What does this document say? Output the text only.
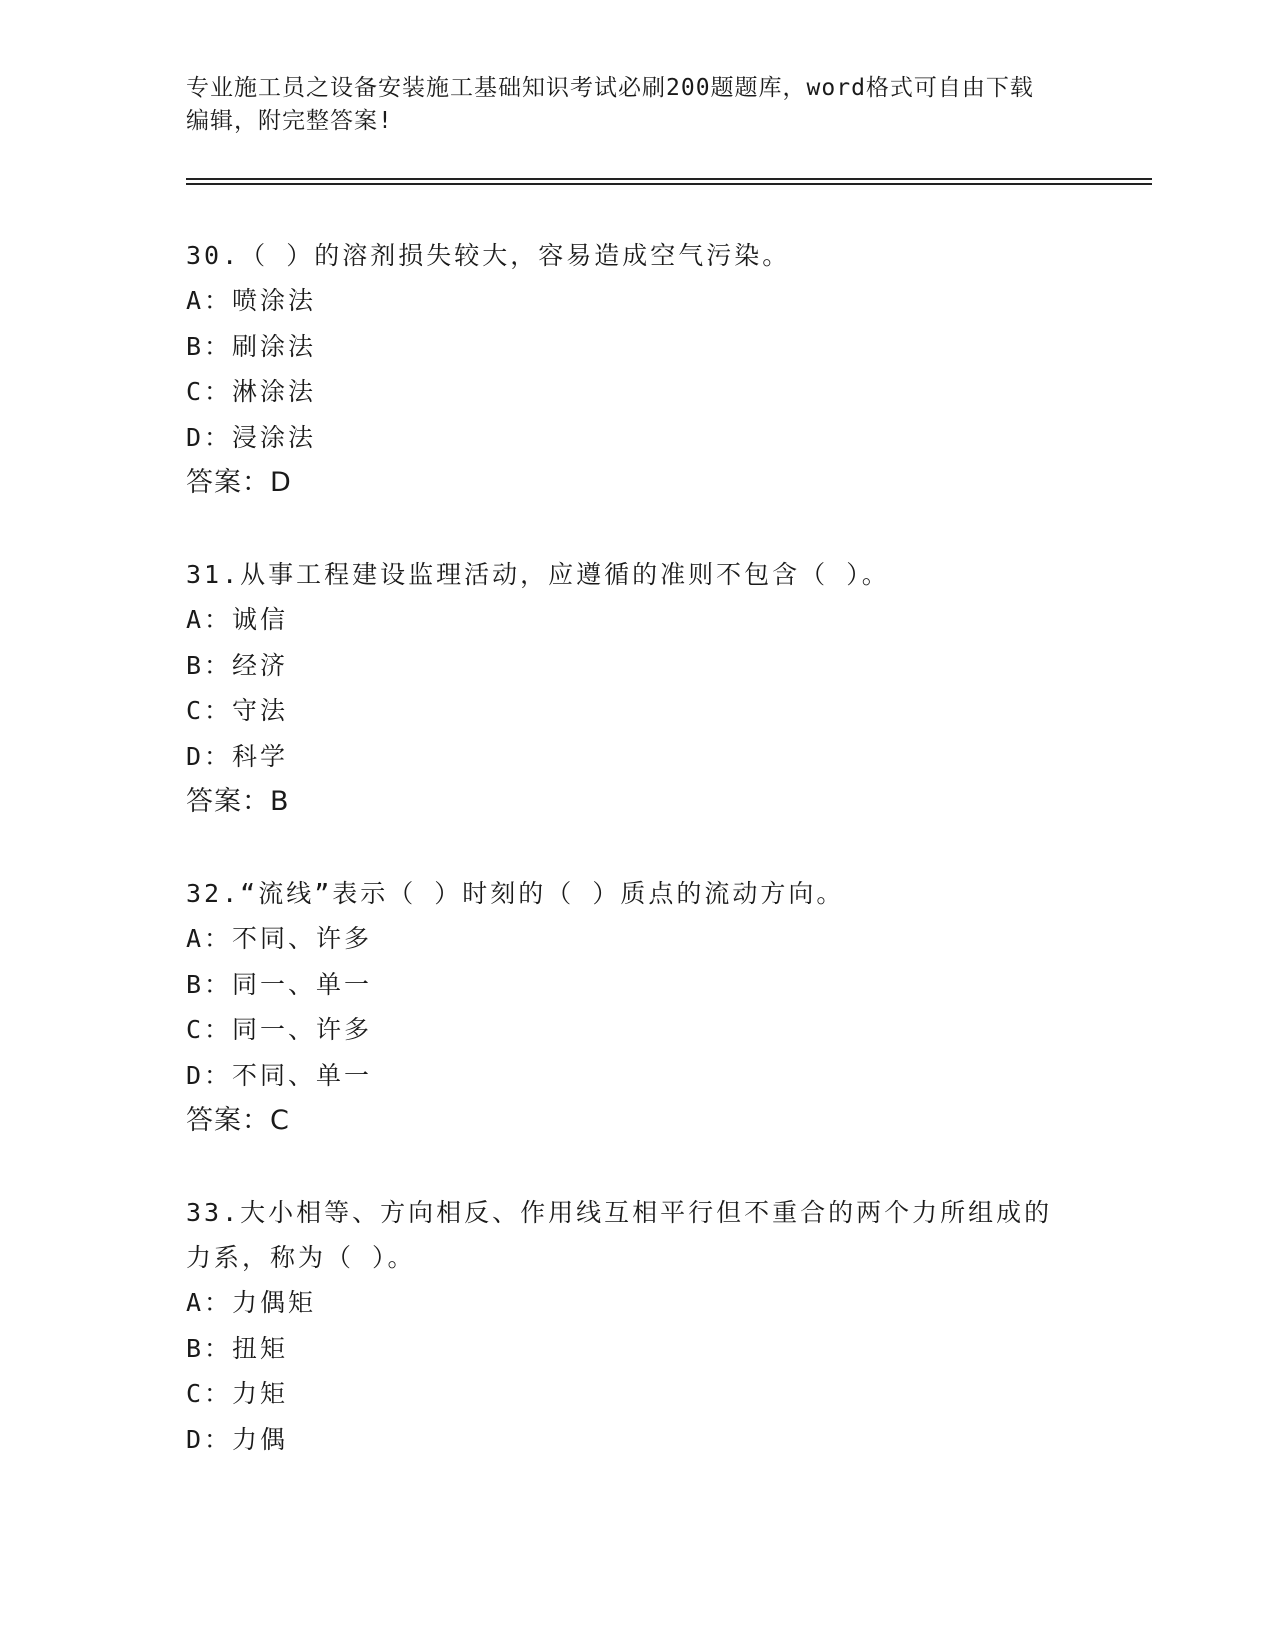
专业施工员之设备安装施工基础知识考试必刷200题题库，word格式可自由下载
编辑，附完整答案!
30.（ ）的溶剂损失较大，容易造成空气污染。
A：喷涂法
B：刷涂法
C：淋涂法
D：浸涂法
答案：D
31.从事工程建设监理活动，应遵循的准则不包含（ ）。
A：诚信
B：经济
C：守法
D：科学
答案：B
32.“流线”表示（ ）时刻的（ ）质点的流动方向。
A：不同、许多
B：同一、单一
C：同一、许多
D：不同、单一
答案：C
33.大小相等、方向相反、作用线互相平行但不重合的两个力所组成的
力系，称为（ ）。
A：力偶矩
B：扭矩
C：力矩
D：力偶
